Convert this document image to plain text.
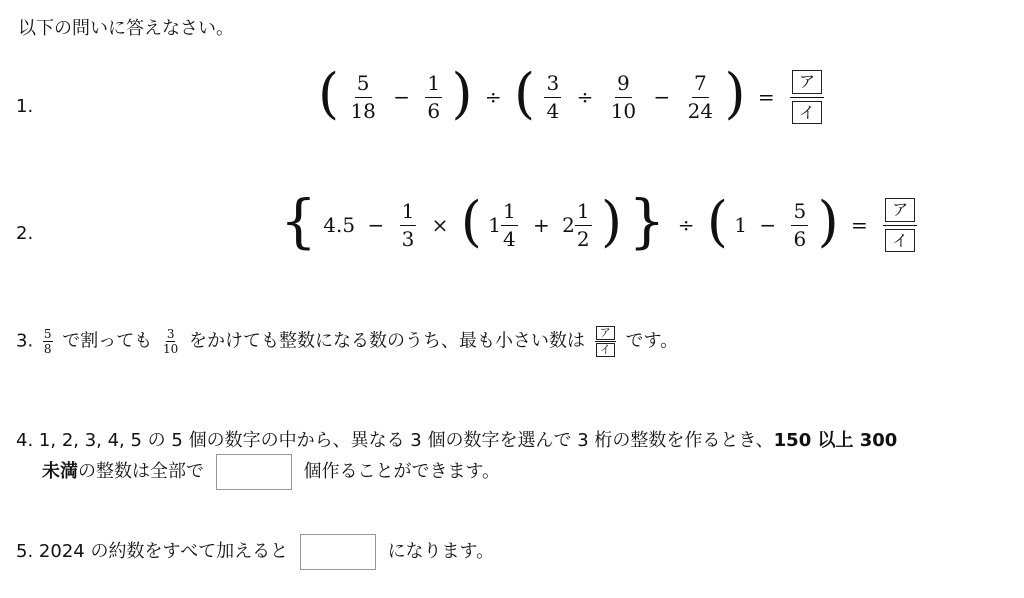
以下の問いに答えなさい。
1.	( $\frac{5}{18} - \frac{1}{6}$ ) ÷ ( $\frac{3}{4} \div \frac{9}{10} - \frac{7}{24}$ ) = $\frac{\text{ア}}{\text{イ}}$
2.	{ $4.5 - \frac{1}{3}$ × ( $1 \frac{1}{4} + 2 \frac{1}{2}$ ) } ÷ ( $1 - \frac{5}{6}$ ) = $\frac{\text{ア}}{\text{イ}}$
3. $\frac{5}{8}$ で割っても $\frac{3}{10}$ をかけても整数になる数のうち、最も小さい数は	ア
イ です。
4. 1, 2, 3, 4, 5 の 5 個の数字の中から、異なる 3 個の数字を選んで 3 桁の整数を作るとき、150 以上 300
未満の整数は全部で	個作ることができます。
5. 2024 の約数をすべて加えると	になります。
